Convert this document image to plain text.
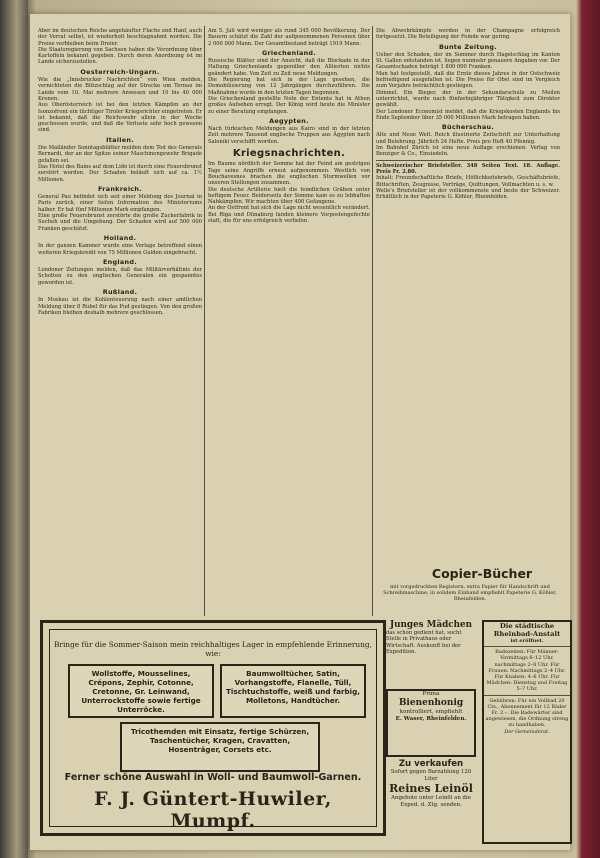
Aber im deutschen Reiche angehäufter Flachs und Hanf, auch der Vorrat selbst, ist wiederholt beschlagnahmt worden. Die Preise verbleiben beim Dreier.
Die Staatsregierung von Sachsen haben die Verordnung über Kartoffeln bekannt gegeben. Durch deren Anordnung ist im Lande sicherzustellen.
Oesterreich-Ungarn.
Wie die „Innsbrucker Nachrichten“ von Wien melden, vernichteten die Blitzschlag auf der Strecke um Ternau im Lande vom 10. Mai mehrere Anwesen und 10 bis 40 000 Kronen.
Aus Oberösterreich ist bei den letzten Kämpfen an der Isonzofront ein tüchtiger Tiroler Kriegsrichter eingetreten. Er ist bekannt, daß die Reichswehr allein in der Woche geschossen wurde, und daß die Verluste sehr hoch gewesen sind.
Italien.
Die Mailänder Sonntagsblätter melden dem Tod des Generals Bernardi, der an der Spitze seiner Maschinengewehr Brigade gefallen sei.
Das Hotel des Bains auf dem Lido ist durch eine Feuersbrunst zerstört worden. Der Schaden beläuft sich auf ca. 1½ Millionen.
Frankreich.
General Pau befindet sich seit einer Meldung des Journal in Paris zurück, einer tiefen Information des Ministeriums halber. Er hat fünf Millionen Mark empfangen.
Eine große Feuersbrunst zerstörte die große Zuckerfabrik in Sucheh und die Umgebung. Der Schaden wird auf 500 000 Franken geschätzt.
Holland.
In der ganzen Kammer wurde eine Vorlage betreffend einen weiteren Kriegskredit von 75 Millionen Gulden eingebracht.
England.
Londoner Zeitungen melden, daß das Militärverhältnis der Schotten zu den englischen Generalen ein gespanntes geworden ist.
Rußland.
In Moskau ist die Kohlenteuerung nach einer amtlichen Meldung über 8 Rubel für das Pud gestiegen. Von den großen Fabriken bleiben deshalb mehrere geschlossen.
Am 5. Juli wird weniger als rund 345 000 Bevölkerung. Der Bauern schätzt die Zahl der aufgenommenen Personen über 2 000 000 Mann. Der Gesamtbestand beträgt 1919 Mann.
Griechenland.
Russische Blätter sind der Ansicht, daß die Blockade in der Haltung Griechenlands gegenüber den Alliierten nichts geändert habe. Von Zeit zu Zeit neue Meldungen.
Die Regierung hat sich in der Lage gesehen, die Demobilisierung von 12 Jahrgängen durchzuführen. Die Maßnahme wurde in den letzten Tagen begonnen.
Die Griechenland gestellte Note der Entente hat in Athen großes Aufsehen erregt. Der König wird heute die Minister zu einer Beratung empfangen.
Aegypten.
Nach türkischen Meldungen aus Kairo sind in der letzten Zeit mehrere Tausend englische Truppen aus Ägypten nach Saloniki verschifft worden.
Kriegsnachrichten.
Im Raume nördlich der Somme hat der Feind am gestrigen Tage seine Angriffe erneut aufgenommen. Westlich von Bouchavesnes brachen die englischen Sturmwellen vor unseren Stellungen zusammen.
Die deutsche Artillerie hielt die feindlichen Gräben unter heftigem Feuer. Beiderseits der Somme kam es zu lebhaften Nahkämpfen. Wir machten über 400 Gefangene.
An der Ostfront hat sich die Lage nicht wesentlich verändert. Bei Riga und Dünaburg fanden kleinere Vorpostengefechte statt, die für uns erfolgreich verliefen.
Die Abwehrkämpfe werden in der Champagne erfolgreich fortgesetzt. Die Beteiligung der Feinde war gering.
Bunte Zeitung.
Ueber den Schaden, der im Sommer durch Hagelschlag im Kanton St. Gallen entstanden ist, liegen nunmehr genauere Angaben vor. Der Gesamtschaden beträgt 1 800 000 Franken.
Man hat festgestellt, daß die Ernte dieses Jahres in der Ostschweiz befriedigend ausgefallen ist. Die Preise für Obst sind im Vergleich zum Vorjahre beträchtlich gestiegen.
Dimmel. Ein Bieger, der in der Sekundarschule zu Meilen unterrichtet, wurde nach fünfzehnjähriger Tätigkeit zum Direktor gewählt.
Der Londoner Economist meldet, daß die Kriegskosten Englands bis Ende September über 35 000 Millionen Mark betragen haben.
Bücherschau.
Alte und Neue Welt. Reich illustrierte Zeitschrift zur Unterhaltung und Belehrung. Jährlich 24 Hefte. Preis pro Heft 40 Pfennig.
Im Bahnhof Zürich ist eine neue Auflage erschienen. Verlag von Benziger & Co., Einsiedeln.
Schweizerischer Briefsteller. 348 Seiten Text. 18. Auflage. Preis Fr. 2.80.
Inhalt: Freundschaftliche Briefe, Höflichkeitsbriefe, Geschäftsbriefe, Bittschriften, Zeugnisse, Verträge, Quittungen, Vollmachten u. s. w.
Welle's Briefsteller ist der vollkommenste und beste der Schweizer. Erhältlich in der Papeterie G. Köhler, Rheinfelden.
Copier-Bücher
mit vorgedruckten Registern, extra Papier für Handschrift und Schreibmaschine, in solidem Einband empfiehlt Papeterie G. Köhler, Rheinfelden.
Bringe für die Sommer-Saison mein reichhaltiges Lager in empfehlende Erinnerung, wie:
Wollstoffe, Mousselines, Crépons, Zephir, Cotonne, Cretonne, Gr. Leinwand, Unterrockstoffe sowie fertige Unterröcke.
Baumwolltücher, Satin, Vorhangstoffe, Flanelle, Tüll, Tischtuchstoffe, weiß und farbig, Molletons, Handtücher.
Tricothemden mit Einsatz, fertige Schürzen, Taschentücher, Kragen, Cravatten, Hosenträger, Corsets etc.
Ferner schöne Auswahl in Woll- und Baumwoll-Garnen.
F. J. Güntert-Huwiler, Mumpf.
Junges Mädchen
das schon gedient hat, sucht Stelle in Privathaus oder Wirtschaft. Auskunft bei der Expedition.
Prima
Bienenhonig
kontrolliert, empfiehlt
E. Waser, Rheinfelden.
Zu verkaufen
Sofort gegen Barzahlung 120 Liter
Reines Leinöl
Angebote unter Leinöl an die Exped. d. Ztg. senden.
Die städtische Rheinbad-Anstalt
ist eröffnet.
Badezeiten: Für Männer: Vormittags 6–12 Uhr, nachmittags 2–8 Uhr. Für Frauen: Nachmittags 2–4 Uhr. Für Knaben: 4–6 Uhr. Für Mädchen: Dienstag und Freitag 5–7 Uhr.
Gebühren: Für ein Vollbad 20 Cts., Abonnement für 12 Bäder Fr. 2.–. Die Badewärter sind angewiesen, die Ordnung streng zu handhaben.
Der Gemeinderat.
